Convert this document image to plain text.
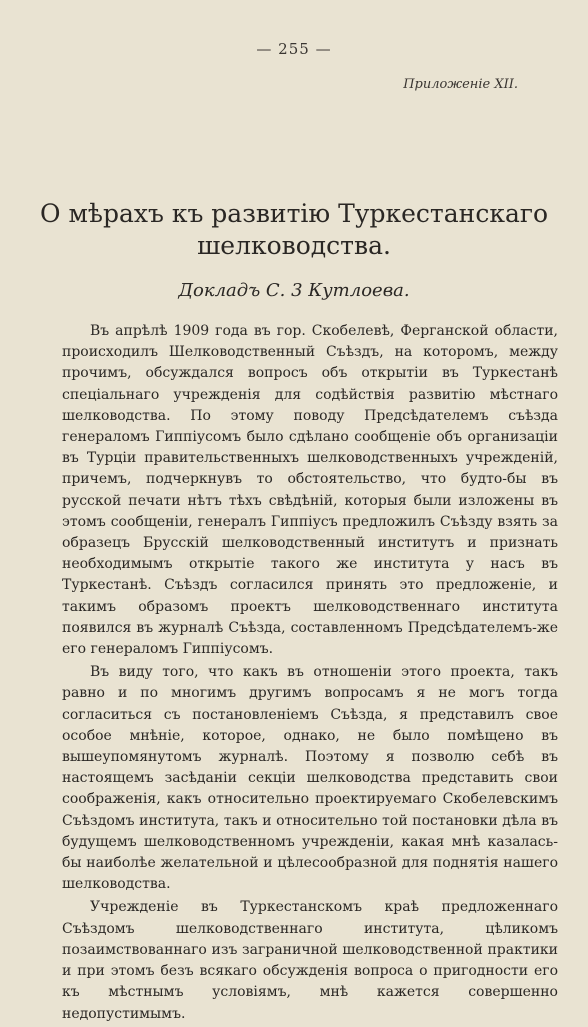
— 255 —
Приложеніе XII.
О мѣрахъ къ развитію Туркестанскаго шелководства.
Докладъ С. 3 Кутлоева.

Въ апрѣлѣ 1909 года въ гор. Скобелевѣ, Ферганской области, происходилъ Шелководственный Съѣздъ, на которомъ, между прочимъ, обсуждался вопросъ объ открытіи въ Туркестанѣ спеціальнаго учрежденія для содѣйствія развитію мѣстнаго шелководства. По этому поводу Предсѣдателемъ съѣзда генераломъ Гиппіусомъ было сдѣлано сообщеніе объ организаціи въ Турціи правительственныхъ шелководственныхъ учрежденій, причемъ, подчеркнувъ то обстоятельство, что будто-бы въ русской печати нѣтъ тѣхъ свѣдѣній, которыя были изложены въ этомъ сообщеніи, генералъ Гиппіусъ предложилъ Съѣзду взять за образецъ Брусскій шелководственный институтъ и признать необходимымъ открытіе такого же института у насъ въ Туркестанѣ. Съѣздъ согласился принять это предложеніе, и такимъ образомъ проектъ шелководственнаго института появился въ журналѣ Съѣзда, составленномъ Предсѣдателемъ-же его генераломъ Гиппіусомъ.

Въ виду того, что какъ въ отношеніи этого проекта, такъ равно и по многимъ другимъ вопросамъ я не могъ тогда согласиться съ постановленіемъ Съѣзда, я представилъ свое особое мнѣніе, которое, однако, не было помѣщено въ вышеупомянутомъ журналѣ. Поэтому я позволю себѣ въ настоящемъ засѣданіи секціи шелководства представить свои соображенія, какъ относительно проектируемаго Скобелевскимъ Съѣздомъ института, такъ и относительно той постановки дѣла въ будущемъ шелководственномъ учрежденіи, какая мнѣ казалась-бы наиболѣе желательной и цѣлесообразной для поднятія нашего шелководства.

Учрежденіе въ Туркестанскомъ краѣ предложеннаго Съѣздомъ шелководственнаго института, цѣликомъ позаимствованнаго изъ заграничной шелководственной практики и при этомъ безъ всякаго обсужденія вопроса о пригодности его къ мѣстнымъ условіямъ, мнѣ кажется совершенно недопустимымъ.
